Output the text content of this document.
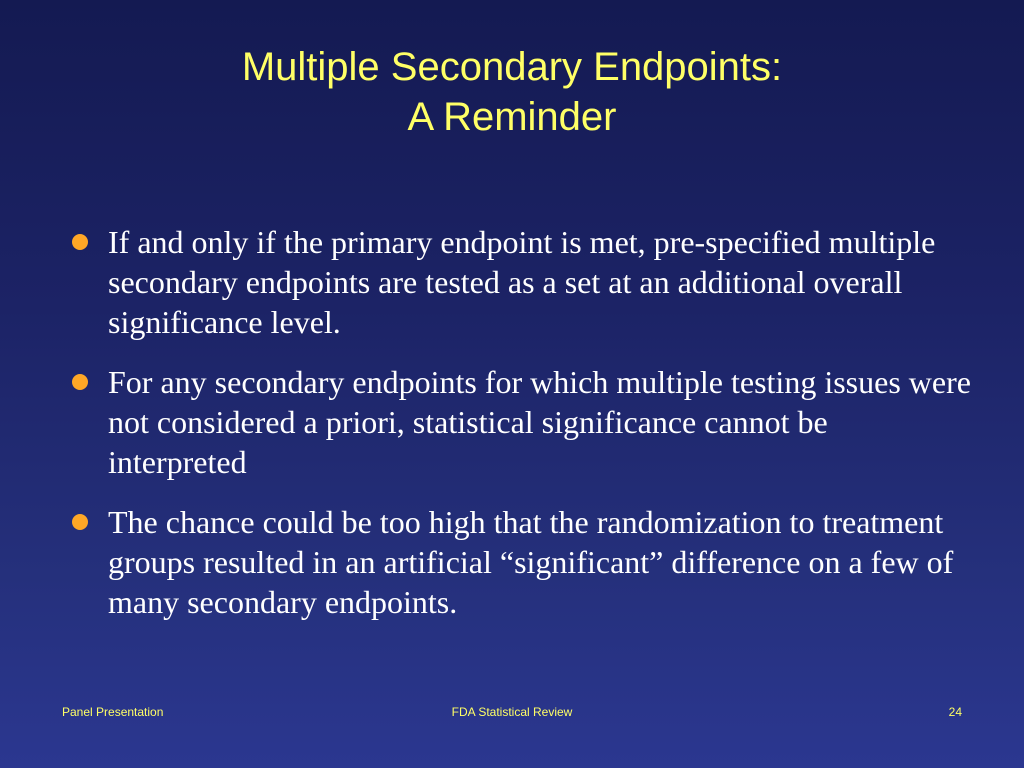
Multiple Secondary Endpoints:
A Reminder
If and only if the primary endpoint is met, pre-specified multiple secondary endpoints are tested as a set at an additional overall significance level.
For any secondary endpoints for which multiple testing issues were not considered a priori, statistical significance cannot be interpreted
The chance could be too high that the randomization to treatment groups resulted in an artificial “significant” difference on a few of many secondary endpoints.
Panel Presentation	FDA Statistical Review	24
